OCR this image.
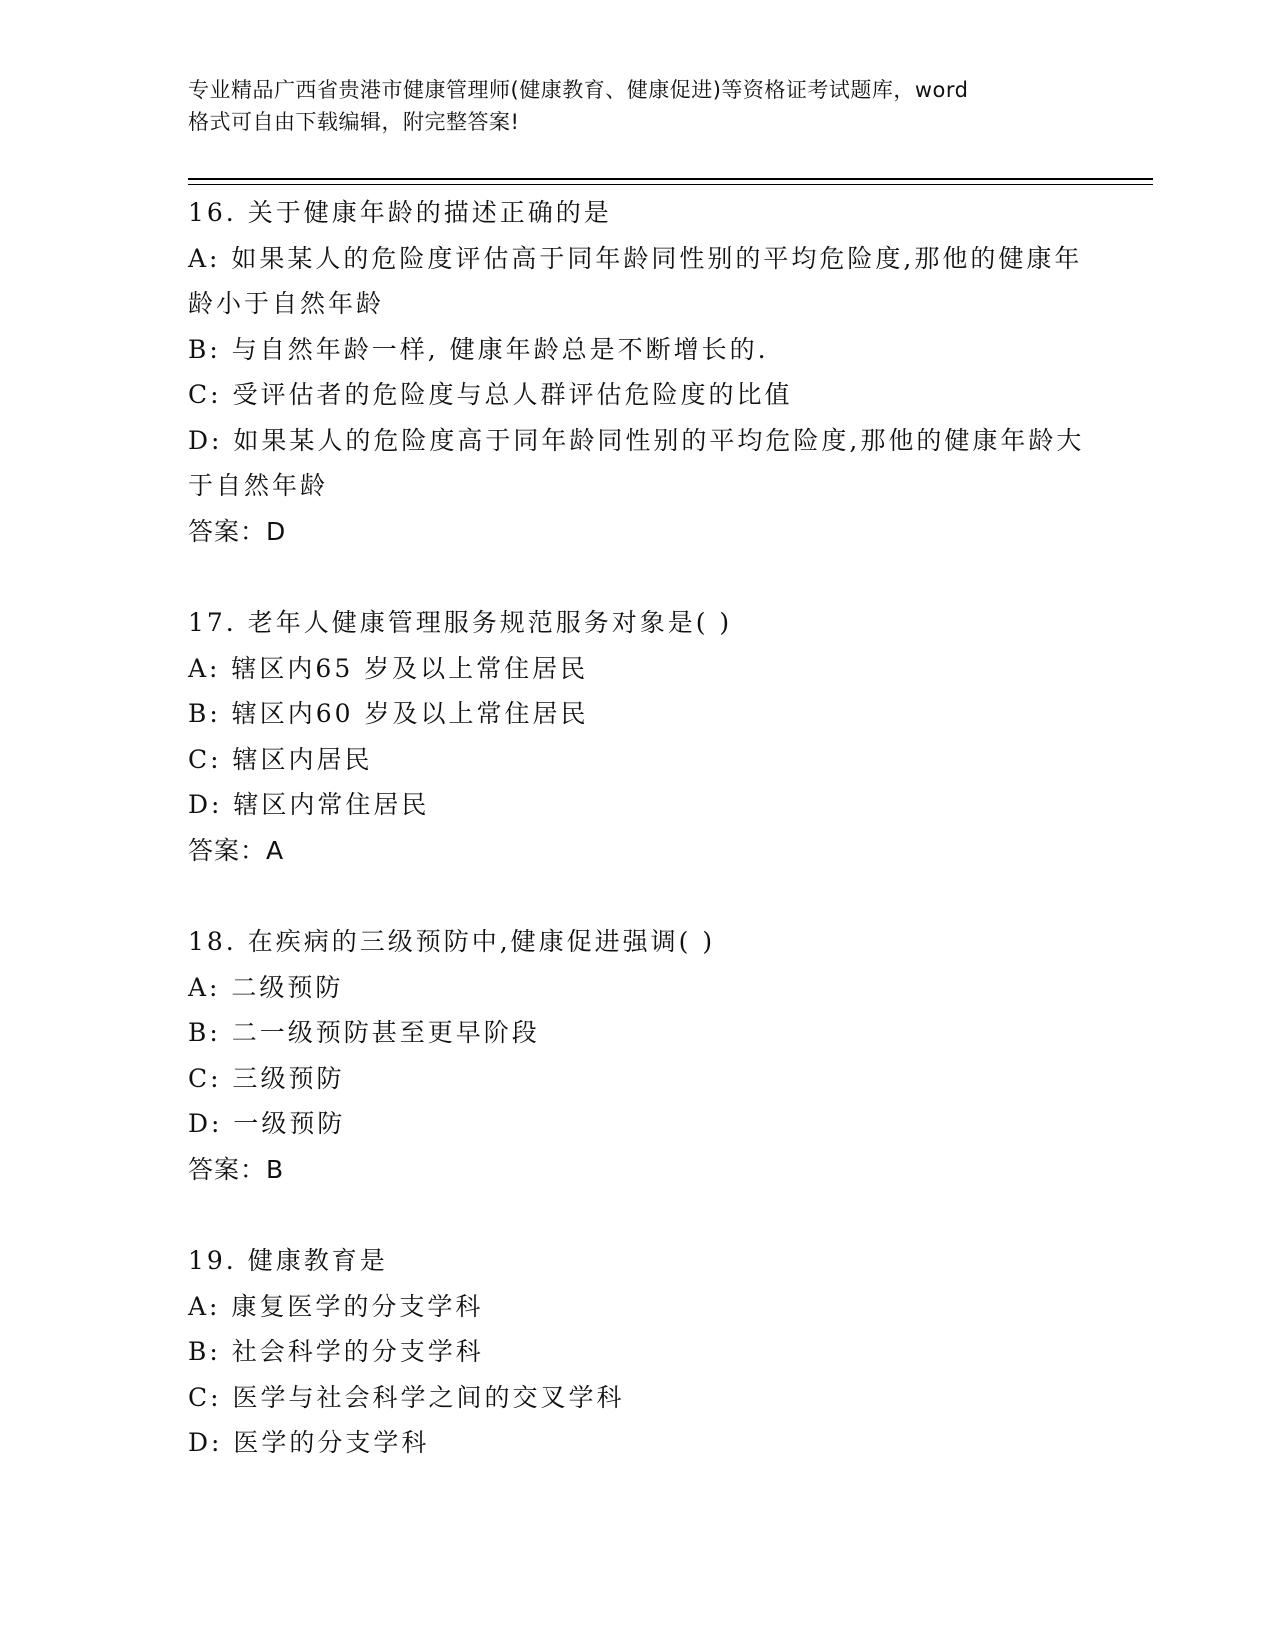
专业精品广西省贵港市健康管理师(健康教育、健康促进)等资格证考试题库，word
格式可自由下载编辑，附完整答案!
16. 关于健康年龄的描述正确的是
A: 如果某人的危险度评估高于同年龄同性别的平均危险度,那他的健康年龄小于自然年龄
B: 与自然年龄一样, 健康年龄总是不断增长的.
C: 受评估者的危险度与总人群评估危险度的比值
D: 如果某人的危险度高于同年龄同性别的平均危险度,那他的健康年龄大于自然年龄
答案：D
17. 老年人健康管理服务规范服务对象是( )
A: 辖区内65 岁及以上常住居民
B: 辖区内60 岁及以上常住居民
C: 辖区内居民
D: 辖区内常住居民
答案：A
18. 在疾病的三级预防中,健康促进强调( )
A: 二级预防
B: 二一级预防甚至更早阶段
C: 三级预防
D: 一级预防
答案：B
19. 健康教育是
A: 康复医学的分支学科
B: 社会科学的分支学科
C: 医学与社会科学之间的交叉学科
D: 医学的分支学科
